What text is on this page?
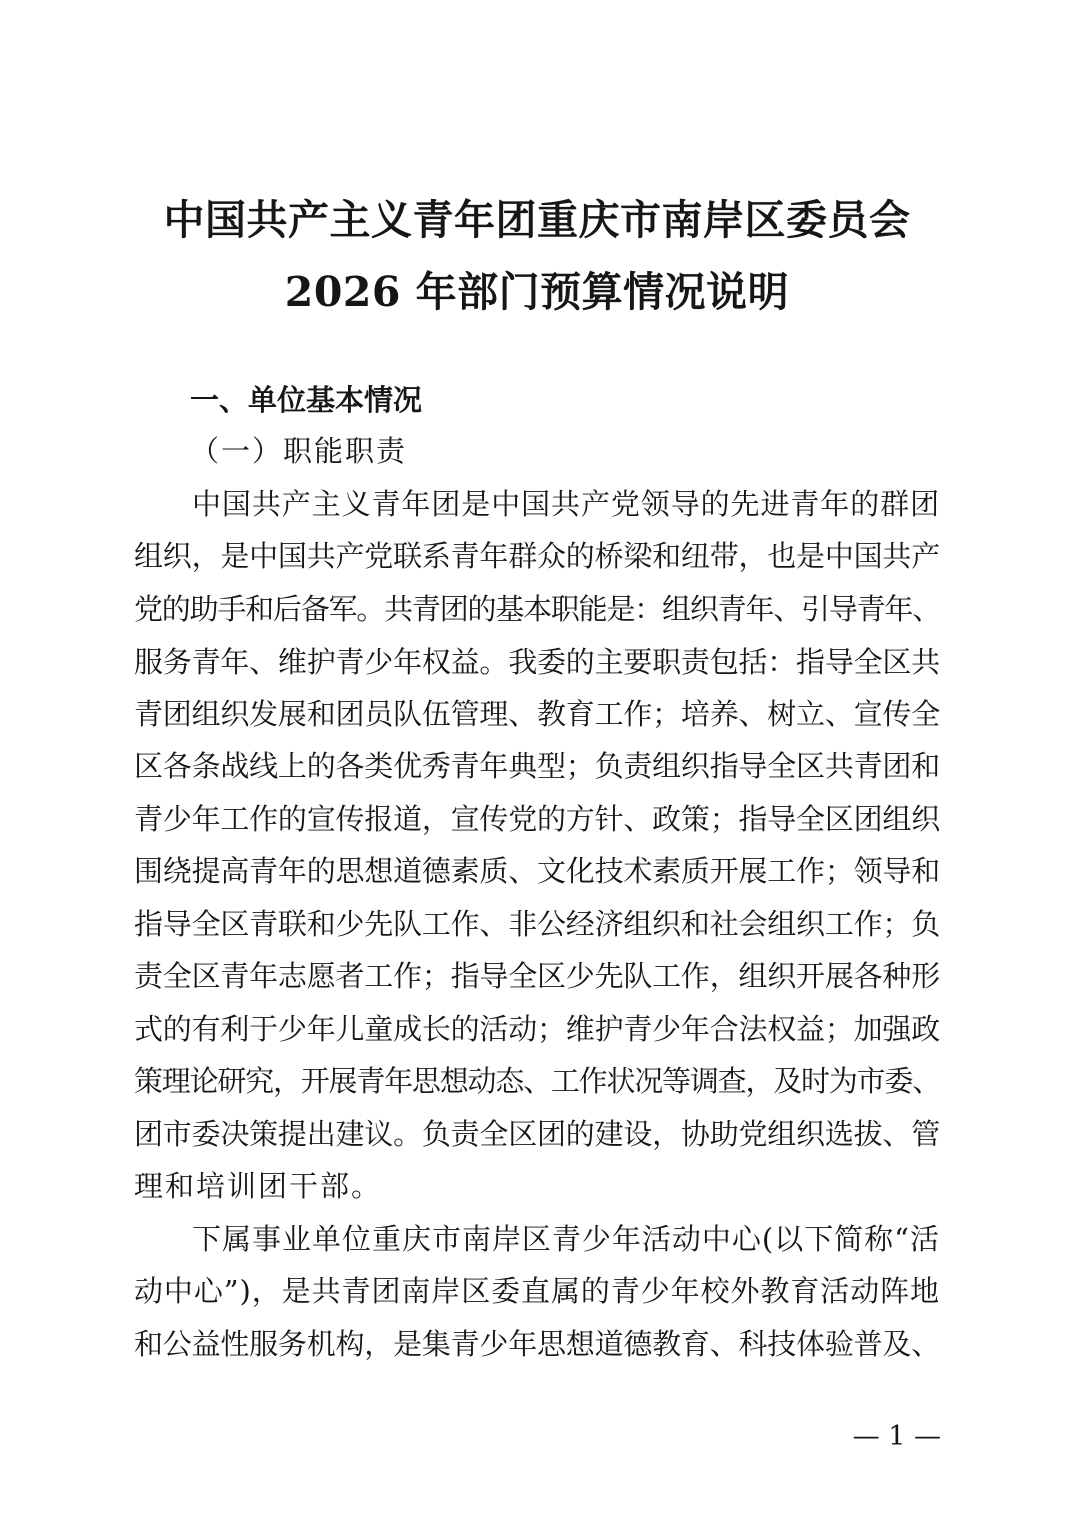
中国共产主义青年团重庆市南岸区委员会
2026 年部门预算情况说明
一、单位基本情况
（一）职能职责
中国共产主义青年团是中国共产党领导的先进青年的群团
组织，是中国共产党联系青年群众的桥梁和纽带，也是中国共产
党的助手和后备军。共青团的基本职能是：组织青年、引导青年、
服务青年、维护青少年权益。我委的主要职责包括：指导全区共
青团组织发展和团员队伍管理、教育工作；培养、树立、宣传全
区各条战线上的各类优秀青年典型；负责组织指导全区共青团和
青少年工作的宣传报道，宣传党的方针、政策；指导全区团组织
围绕提高青年的思想道德素质、文化技术素质开展工作；领导和
指导全区青联和少先队工作、非公经济组织和社会组织工作；负
责全区青年志愿者工作；指导全区少先队工作，组织开展各种形
式的有利于少年儿童成长的活动；维护青少年合法权益；加强政
策理论研究，开展青年思想动态、工作状况等调查，及时为市委、
团市委决策提出建议。负责全区团的建设，协助党组织选拔、管
理和培训团干部。
下属事业单位重庆市南岸区青少年活动中心(以下简称“活
动中心”)，是共青团南岸区委直属的青少年校外教育活动阵地
和公益性服务机构，是集青少年思想道德教育、科技体验普及、
— 1 —
